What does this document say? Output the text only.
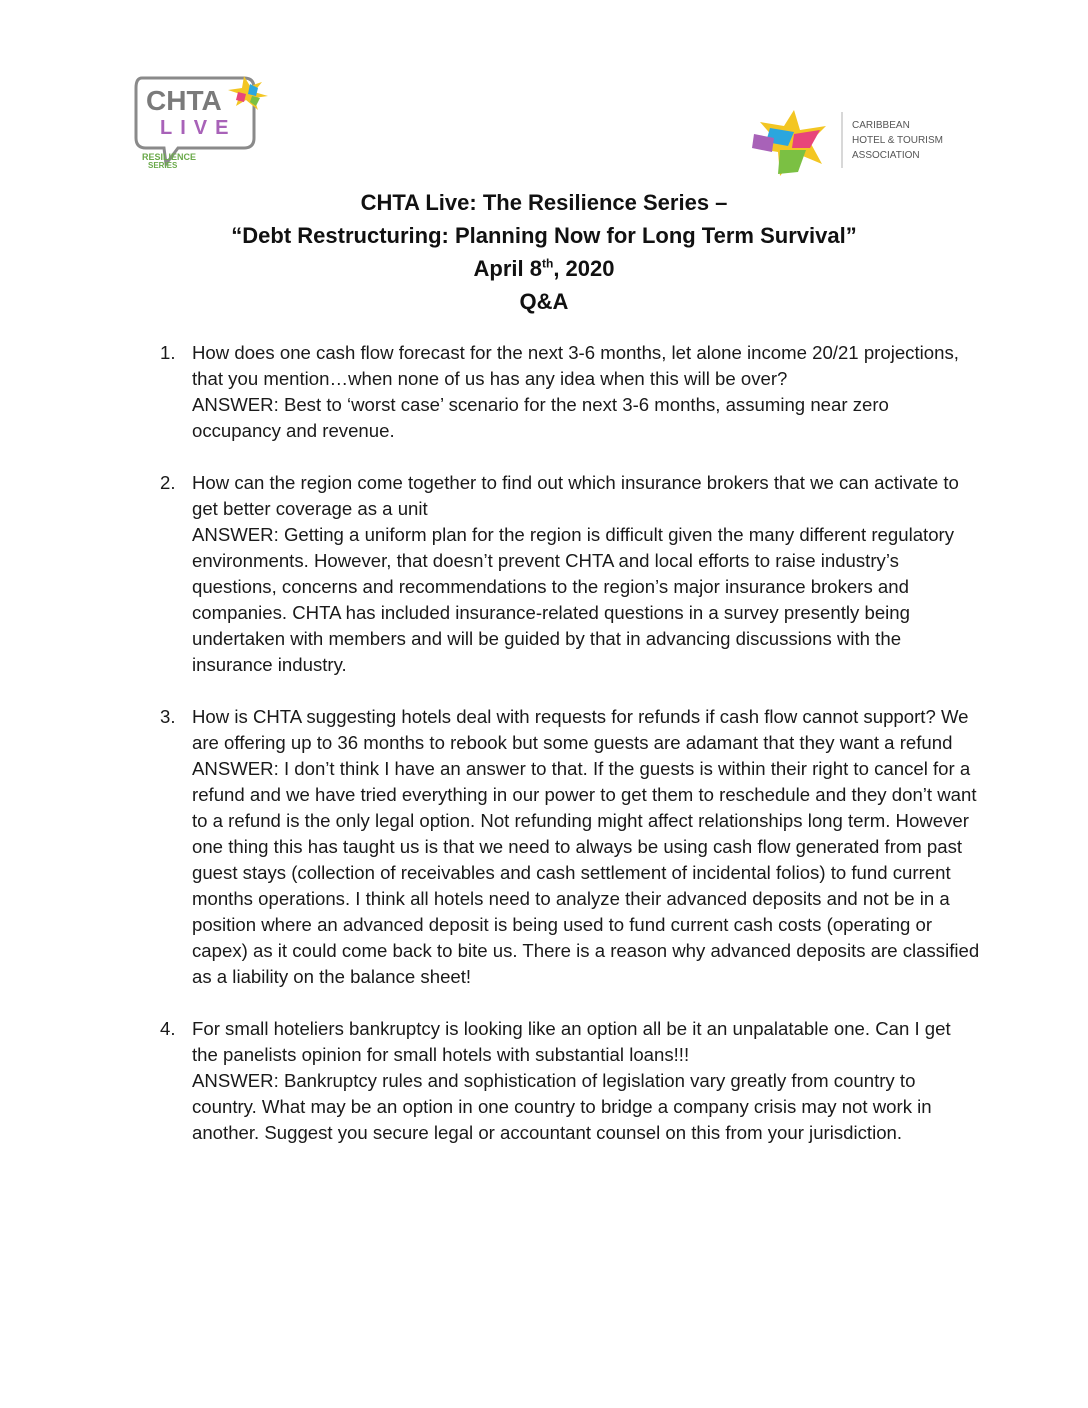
CHTA
LIVE
RESILIENCE
SERIES
CARIBBEAN
HOTEL & TOURISM
ASSOCIATION
CHTA Live: The Resilience Series –
“Debt Restructuring: Planning Now for Long Term Survival”
April 8th, 2020
Q&A
1. How does one cash flow forecast for the next 3-6 months, let alone income 20/21 projections, that you mention…when none of us has any idea when this will be over?

ANSWER: Best to ‘worst case’ scenario for the next 3-6 months, assuming near zero occupancy and revenue.

2. How can the region come together to find out which insurance brokers that we can activate to get better coverage as a unit

ANSWER: Getting a uniform plan for the region is difficult given the many different regulatory environments. However, that doesn’t prevent CHTA and local efforts to raise industry’s questions, concerns and recommendations to the region’s major insurance brokers and companies. CHTA has included insurance-related questions in a survey presently being undertaken with members and will be guided by that in advancing discussions with the insurance industry.

3. How is CHTA suggesting hotels deal with requests for refunds if cash flow cannot support? We are offering up to 36 months to rebook but some guests are adamant that they want a refund

ANSWER: I don’t think I have an answer to that. If the guests is within their right to cancel for a refund and we have tried everything in our power to get them to reschedule and they don’t want to a refund is the only legal option. Not refunding might affect relationships long term. However one thing this has taught us is that we need to always be using cash flow generated from past guest stays (collection of receivables and cash settlement of incidental folios) to fund current months operations. I think all hotels need to analyze their advanced deposits and not be in a position where an advanced deposit is being used to fund current cash costs (operating or capex) as it could come back to bite us. There is a reason why advanced deposits are classified as a liability on the balance sheet!

4. For small hoteliers bankruptcy is looking like an option all be it an unpalatable one. Can I get the panelists opinion for small hotels with substantial loans!!!

ANSWER: Bankruptcy rules and sophistication of legislation vary greatly from country to country. What may be an option in one country to bridge a company crisis may not work in another. Suggest you secure legal or accountant counsel on this from your jurisdiction.
